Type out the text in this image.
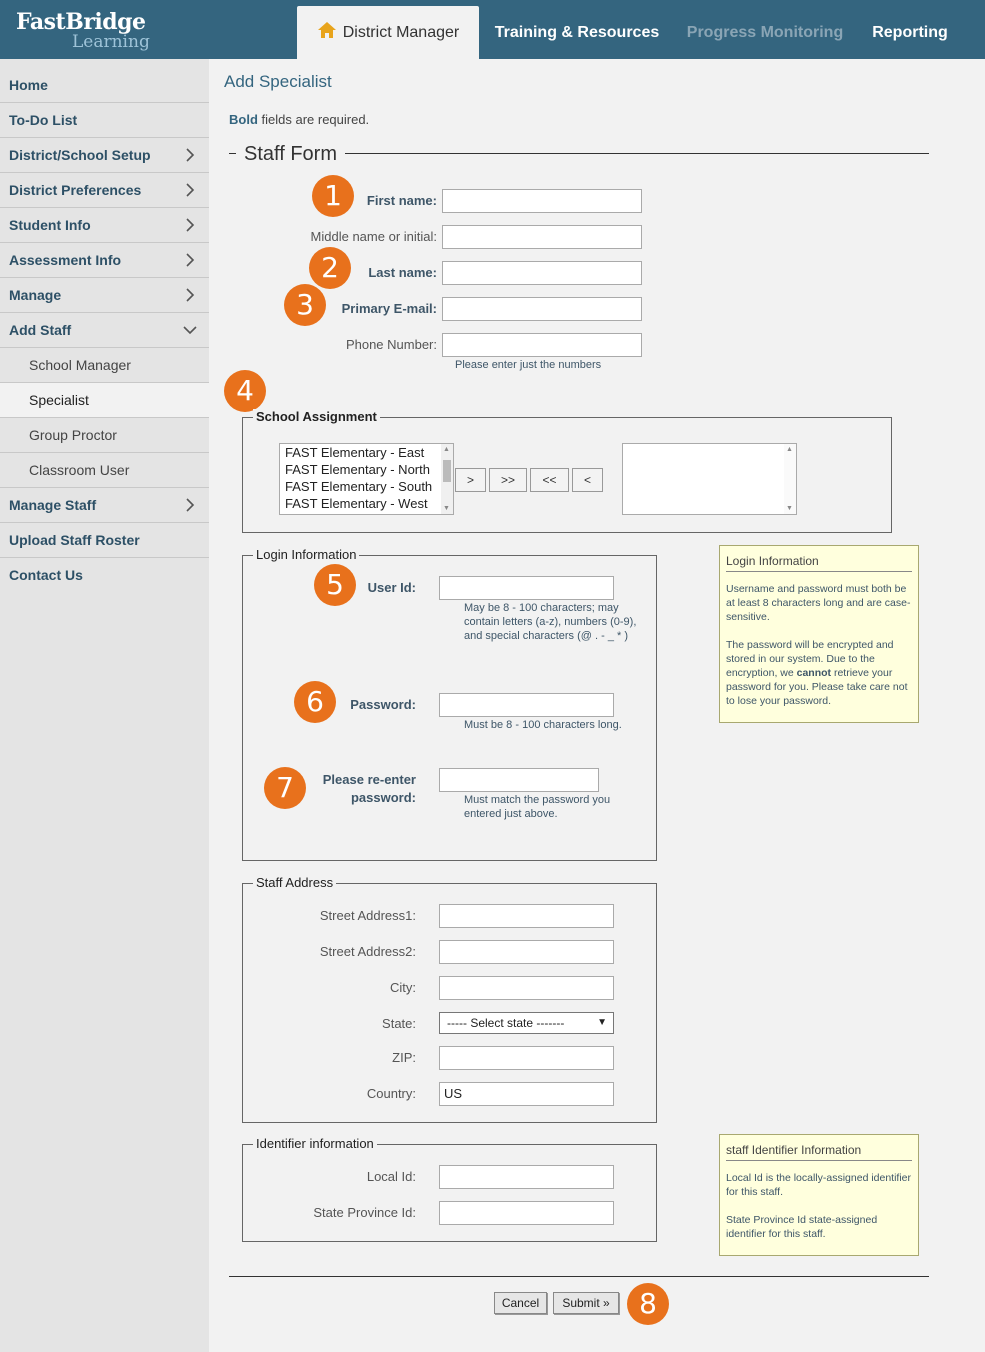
FastBridge
Learning	District Manager	Training & Resources	Progress Monitoring	Reporting
Home
To-Do List
District/School Setup
District Preferences
Student Info
Assessment Info
Manage
Add Staff
School Manager
Specialist
Group Proctor
Classroom User
Manage Staff
Upload Staff Roster
Contact Us
Add Specialist
Bold fields are required.
Staff Form
1	First name:
Middle name or initial:
2	Last name:
3	Primary E-mail:
Phone Number:
Please enter just the numbers
4
School Assignment
FAST Elementary - East
FAST Elementary - North
FAST Elementary - South
FAST Elementary - West
▲
▼
>	>>	<<	<
▲
▼
Login Information
5	User Id:
May be 8 - 100 characters; may contain letters (a-z), numbers (0-9), and special characters (@ . - _ * )
6	Password:
Must be 8 - 100 characters long.
7	Please re-enter
password:	Must match the password you entered just above.
Login Information
Username and password must both be at least 8 characters long and are case-sensitive.
The password will be encrypted and stored in our system. Due to the encryption, we cannot retrieve your password for you. Please take care not to lose your password.
Staff Address
Street Address1:
Street Address2:
City:
State:	----- Select state -------	▼
ZIP:
Country:	US
Identifier information
Local Id:
State Province Id:
staff Identifier Information
Local Id is the locally-assigned identifier for this staff.
State Province Id state-assigned identifier for this staff.
Cancel	Submit »	8
